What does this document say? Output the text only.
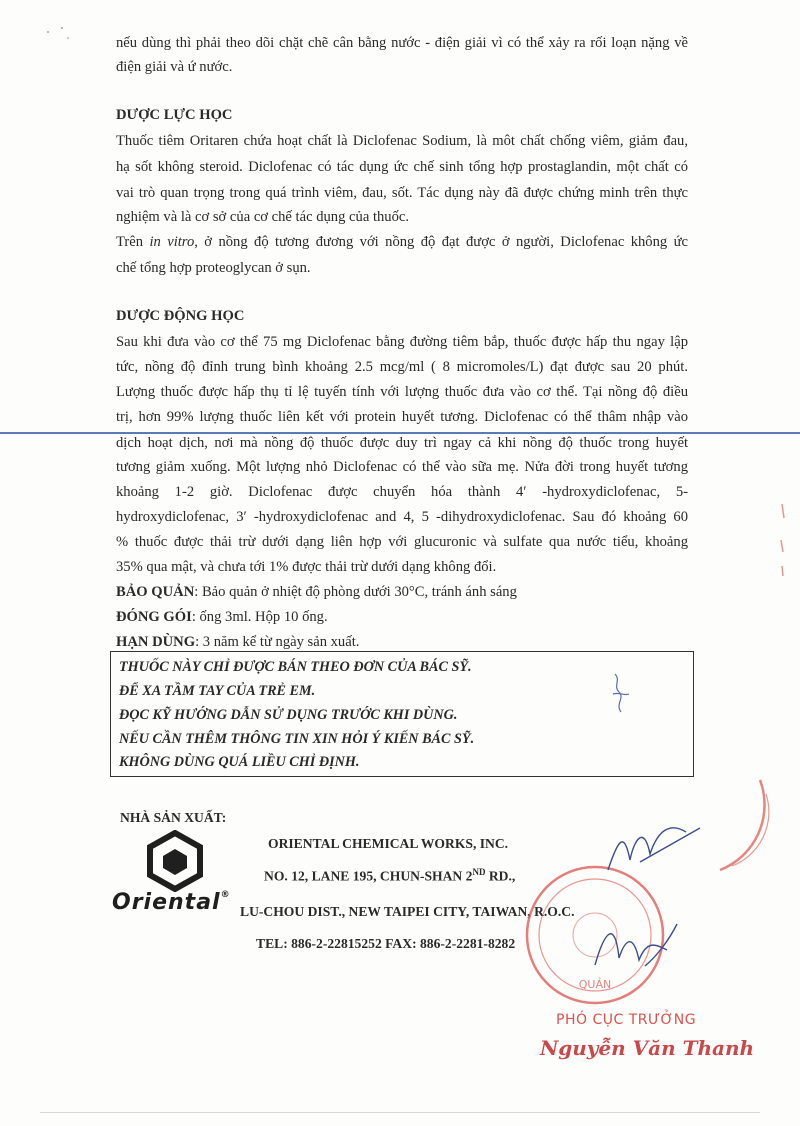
nếu dùng thì phải theo dõi chặt chẽ cân bằng nước - điện giải vì có thể xảy ra rối loạn nặng về
điện giải và ứ nước.
DƯỢC LỰC HỌC
Thuốc tiêm Oritaren chứa hoạt chất là Diclofenac Sodium, là môt chất chống viêm, giảm đau,
hạ sốt không steroid. Diclofenac có tác dụng ức chế sinh tổng hợp prostaglandin, một chất có
vai trò quan trọng trong quá trình viêm, đau, sốt. Tác dụng này đã được chứng minh trên thực
nghiệm và là cơ sở của cơ chế tác dụng của thuốc.
Trên in vitro, ở nồng độ tương đương với nồng độ đạt được ở người, Diclofenac không ức
chế tổng hợp proteoglycan ở sụn.
DƯỢC ĐỘNG HỌC
Sau khi đưa vào cơ thể 75 mg Diclofenac bằng đường tiêm bắp, thuốc được hấp thu ngay lập
tức, nồng độ đỉnh trung bình khoảng 2.5 mcg/ml ( 8 micromoles/L) đạt được sau 20 phút.
Lượng thuốc được hấp thụ tỉ lệ tuyến tính với lượng thuốc đưa vào cơ thể. Tại nồng độ điều
trị, hơn 99% lượng thuốc liên kết với protein huyết tương. Diclofenac có thể thâm nhập vào
dịch hoạt dịch, nơi mà nồng độ thuốc được duy trì ngay cả khi nồng độ thuốc trong huyết
tương giảm xuống. Một lượng nhỏ Diclofenac có thể vào sữa mẹ. Nửa đời trong huyết tương
khoảng 1-2 giờ. Diclofenac được chuyển hóa thành 4′ -hydroxydiclofenac, 5-
hydroxydiclofenac, 3′ -hydroxydiclofenac and 4, 5 -dihydroxydiclofenac. Sau đó khoảng 60
% thuốc được thải trừ dưới dạng liên hợp với glucuronic và sulfate qua nước tiểu, khoảng
35% qua mật, và chưa tới 1% được thải trừ dưới dạng không đổi.
BẢO QUẢN: Bảo quản ở nhiệt độ phòng dưới 30°C, tránh ánh sáng
ĐÓNG GÓI: ống 3ml. Hộp 10 ống.
HẠN DÙNG: 3 năm kể từ ngày sản xuất.
THUỐC NÀY CHỈ ĐƯỢC BÁN THEO ĐƠN CỦA BÁC SỸ.
ĐỂ XA TẦM TAY CỦA TRẺ EM.
ĐỌC KỸ HƯỚNG DẪN SỬ DỤNG TRƯỚC KHI DÙNG.
NẾU CẦN THÊM THÔNG TIN XIN HỎI Ý KIẾN BÁC SỸ.
KHÔNG DÙNG QUÁ LIỀU CHỈ ĐỊNH.
NHÀ SẢN XUẤT:
ORIENTAL CHEMICAL WORKS, INC.
NO. 12, LANE 195, CHUN-SHAN 2ND RD.,
LU-CHOU DIST., NEW TAIPEI CITY, TAIWAN, R.O.C.
TEL: 886-2-22815252 FAX: 886-2-2281-8282
Oriental®
QUẢN
PHÓ CỤC TRƯỞNG
Nguyễn Văn Thanh
